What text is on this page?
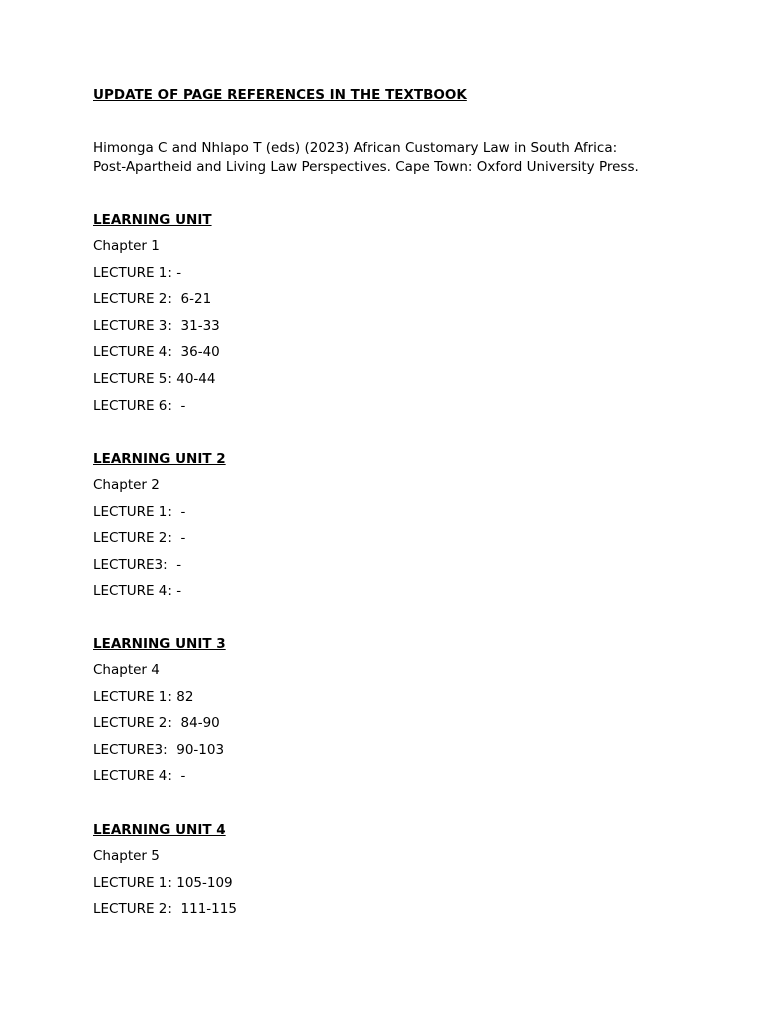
UPDATE OF PAGE REFERENCES IN THE TEXTBOOK
Himonga C and Nhlapo T (eds) (2023) African Customary Law in South Africa:
Post-Apartheid and Living Law Perspectives. Cape Town: Oxford University Press.
LEARNING UNIT
Chapter 1
LECTURE 1: -
LECTURE 2:  6-21
LECTURE 3:  31-33
LECTURE 4:  36-40
LECTURE 5: 40-44
LECTURE 6:  -
LEARNING UNIT 2
Chapter 2
LECTURE 1:  -
LECTURE 2:  -
LECTURE3:  -
LECTURE 4: -
LEARNING UNIT 3
Chapter 4
LECTURE 1: 82
LECTURE 2:  84-90
LECTURE3:  90-103
LECTURE 4:  -
LEARNING UNIT 4
Chapter 5
LECTURE 1: 105-109
LECTURE 2:  111-115
